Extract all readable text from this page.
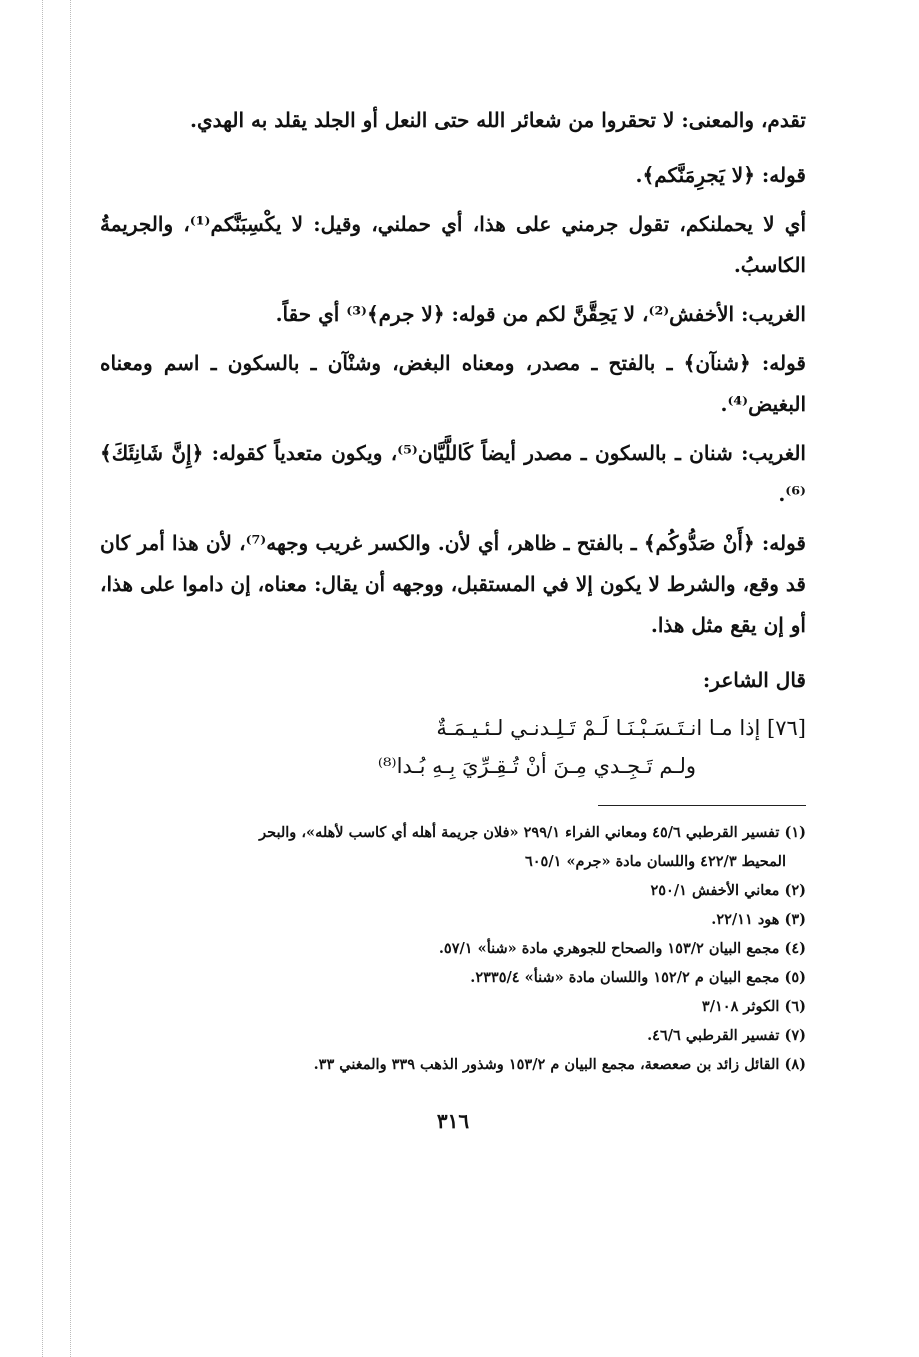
تقدم، والمعنى: لا تحقروا من شعائر الله حتى النعل أو الجلد يقلد به الهدي.

قوله: ﴿لا يَجرِمَنَّكم﴾.

أي لا يحملنكم، تقول جرمني على هذا، أي حملني، وقيل: لا يكْسِبَنَّكم⁽¹⁾، والجريمةُ الكاسبُ.

الغريب: الأخفش⁽²⁾، لا يَحِقَّنَّ لكم من قوله: ﴿لا جرم﴾⁽³⁾ أي حقاً.

قوله: ﴿شنآن﴾ ـ بالفتح ـ مصدر، ومعناه البغض، وشنْآن ـ بالسكون ـ اسم ومعناه البغيض⁽⁴⁾.

الغريب: شنان ـ بالسكون ـ مصدر أيضاً كَاللَّيَّان⁽⁵⁾، ويكون متعدياً كقوله: ﴿إِنَّ شَانِئَكَ﴾⁽⁶⁾.

قوله: ﴿أَنْ صَدُّوكُم﴾ ـ بالفتح ـ ظاهر، أي لأن. والكسر غريب وجهه⁽⁷⁾، لأن هذا أمر كان قد وقع، والشرط لا يكون إلا في المستقبل، ووجهه أن يقال: معناه، إن داموا على هذا، أو إن يقع مثل هذا.

قال الشاعر:

[٧٦] إذا مـا انـتَـسَـبْـنَـا لَـمْ تَـلِـدنـي لـئـيـمَـةٌ
ولـم تَـجِـدي مِـنَ أنْ تُـقِـرِّيَ بِـهِ بُـدا⁽⁸⁾

(١) تفسير القرطبي ٤٥/٦ ومعاني الفراء ٢٩٩/١ «فلان جريمة أهله أي كاسب لأهله»، والبحر

المحيط ٤٢٢/٣ واللسان مادة «جرم» ٦٠٥/١

(٢) معاني الأخفش ٢٥٠/١

(٣) هود ٢٢/١١.

(٤) مجمع البيان ١٥٣/٢ والصحاح للجوهري مادة «شنأ» ٥٧/١.

(٥) مجمع البيان م ١٥٢/٢ واللسان مادة «شنأ» ٢٣٣٥/٤.

(٦) الكوثر ٣/١٠٨

(٧) تفسير القرطبي ٤٦/٦.

(٨) القائل زائد بن صعصعة، مجمع البيان م ١٥٣/٢ وشذور الذهب ٣٣٩ والمغني ٣٣.

٣١٦
